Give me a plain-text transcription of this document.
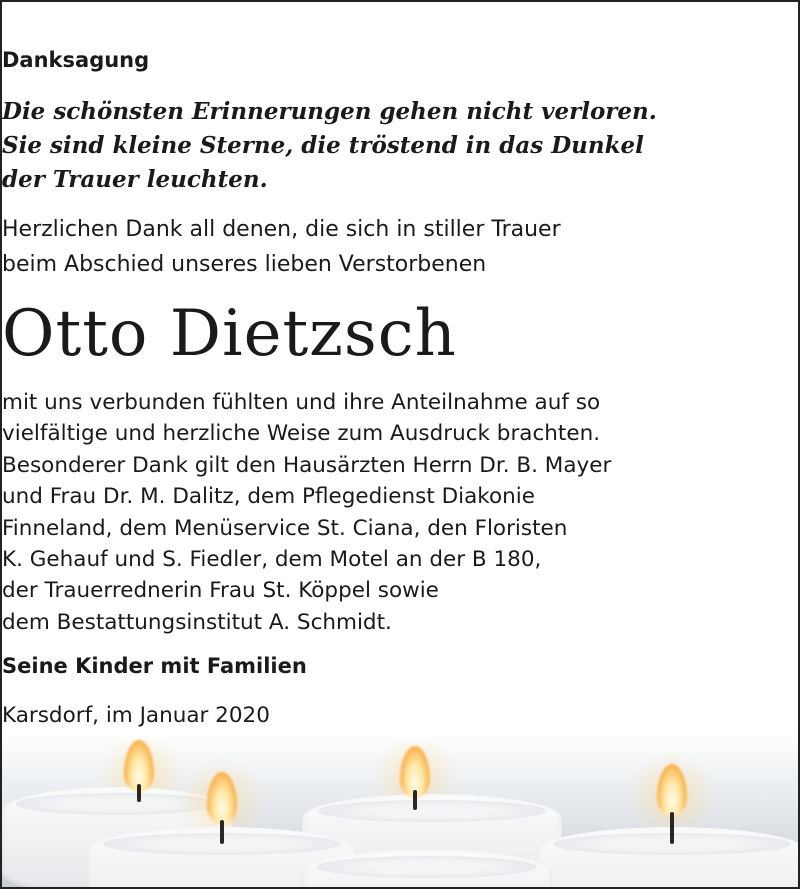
Danksagung
Die schönsten Erinnerungen gehen nicht verloren.
Sie sind kleine Sterne, die tröstend in das Dunkel
der Trauer leuchten.
Herzlichen Dank all denen, die sich in stiller Trauer
beim Abschied unseres lieben Verstorbenen
Otto Dietzsch
mit uns verbunden fühlten und ihre Anteilnahme auf so
vielfältige und herzliche Weise zum Ausdruck brachten.
Besonderer Dank gilt den Hausärzten Herrn Dr. B. Mayer
und Frau Dr. M. Dalitz, dem Pflegedienst Diakonie
Finneland, dem Menüservice St. Ciana, den Floristen
K. Gehauf und S. Fiedler, dem Motel an der B 180,
der Trauerrednerin Frau St. Köppel sowie
dem Bestattungsinstitut A. Schmidt.
Seine Kinder mit Familien
Karsdorf, im Januar 2020
